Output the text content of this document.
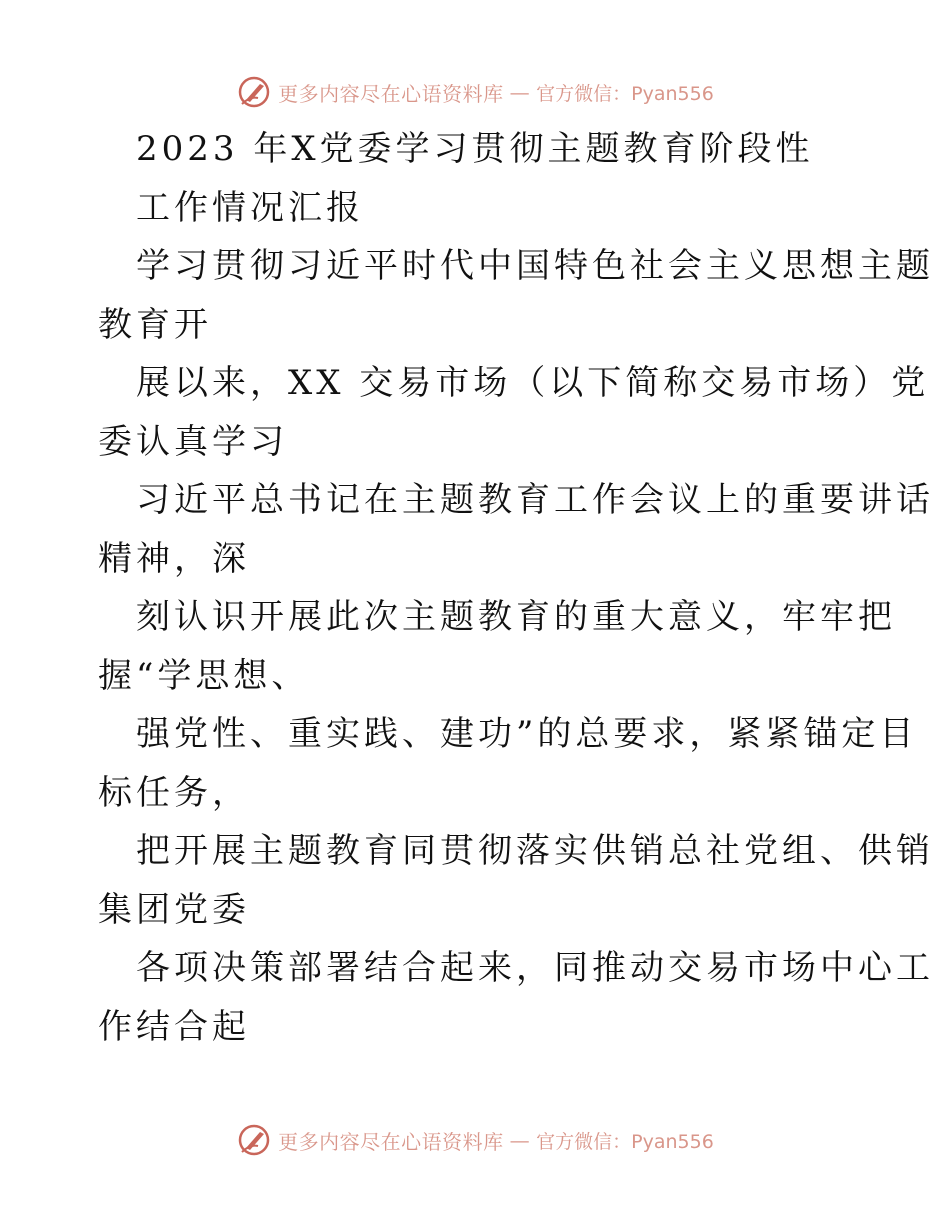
更多内容尽在心语资料库 — 官方微信：Pyan556
2023 年X党委学习贯彻主题教育阶段性
工作情况汇报
学习贯彻习近平时代中国特色社会主义思想主题
教育开
展以来，XX 交易市场（以下简称交易市场）党
委认真学习
习近平总书记在主题教育工作会议上的重要讲话
精神，深
刻认识开展此次主题教育的重大意义，牢牢把
握“学思想、
强党性、重实践、建功”的总要求，紧紧锚定目
标任务，
把开展主题教育同贯彻落实供销总社党组、供销
集团党委
各项决策部署结合起来，同推动交易市场中心工
作结合起
更多内容尽在心语资料库 — 官方微信：Pyan556
